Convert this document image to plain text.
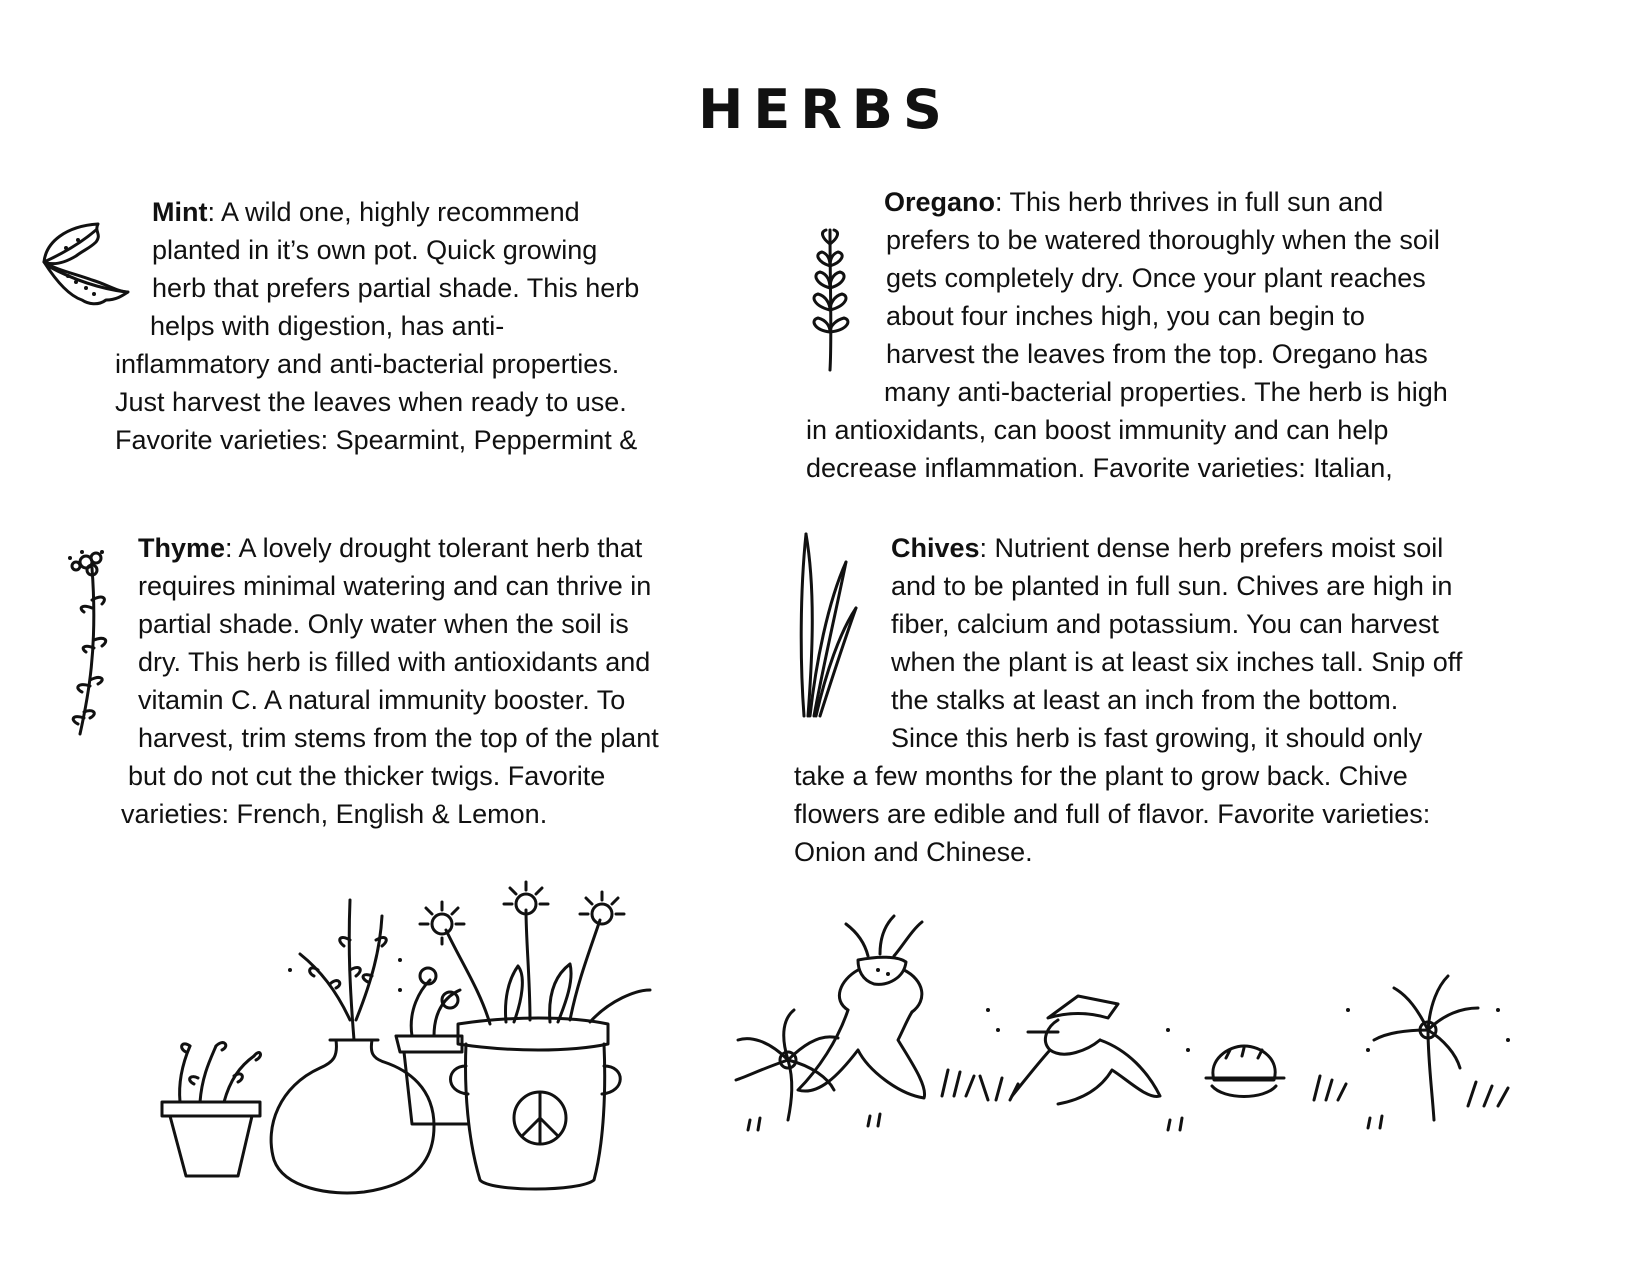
HERBS
Mint: A wild one, highly recommend
planted in it’s own pot. Quick growing
herb that prefers partial shade. This herb
helps with digestion, has anti-
inflammatory and anti-bacterial properties.
Just harvest the leaves when ready to use.
Favorite varieties: Spearmint, Peppermint &
Oregano: This herb thrives in full sun and
prefers to be watered thoroughly when the soil
gets completely dry. Once your plant reaches
about four inches high, you can begin to
harvest the leaves from the top. Oregano has
many anti-bacterial properties. The herb is high
in antioxidants, can boost immunity and can help
decrease inflammation. Favorite varieties: Italian,
Thyme: A lovely drought tolerant herb that
requires minimal watering and can thrive in
partial shade. Only water when the soil is
dry. This herb is filled with antioxidants and
vitamin C. A natural immunity booster. To
harvest, trim stems from the top of the plant
but do not cut the thicker twigs. Favorite
varieties: French, English & Lemon.
Chives: Nutrient dense herb prefers moist soil
and to be planted in full sun. Chives are high in
fiber, calcium and potassium. You can harvest
when the plant is at least six inches tall. Snip off
the stalks at least an inch from the bottom.
Since this herb is fast growing, it should only
take a few months for the plant to grow back. Chive
flowers are edible and full of flavor. Favorite varieties:
Onion and Chinese.
